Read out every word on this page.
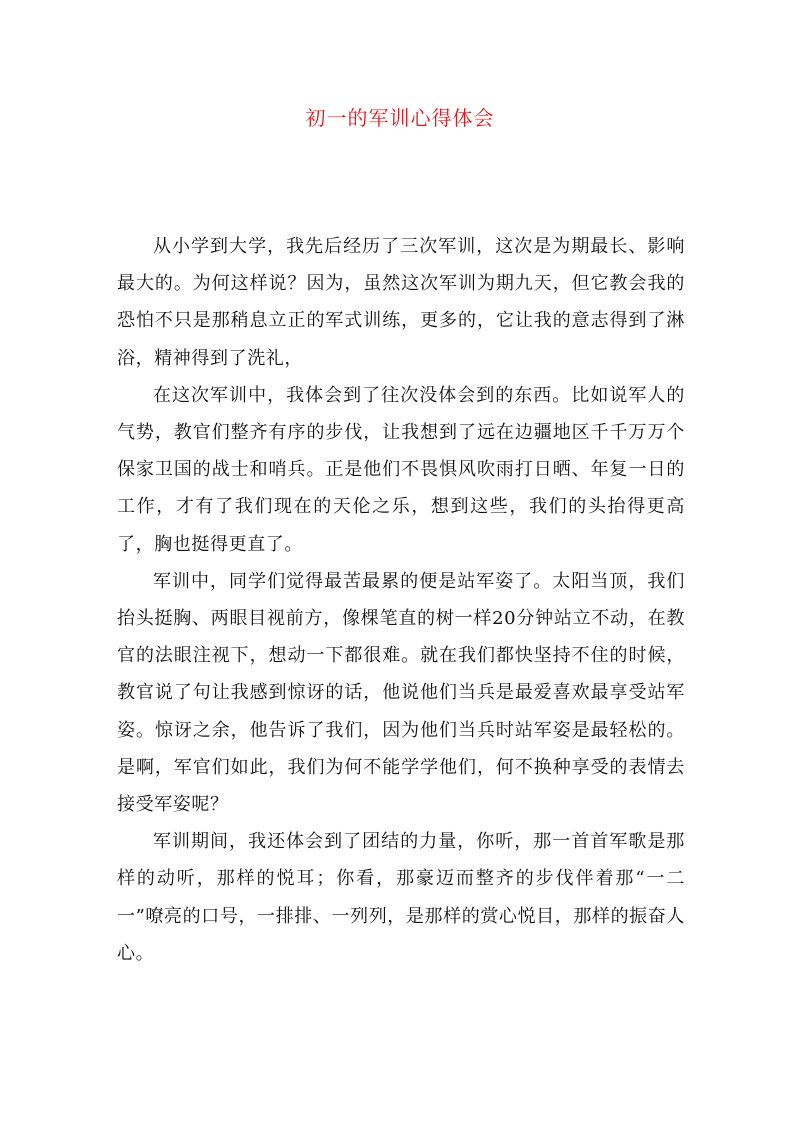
初一的军训心得体会

从小学到大学，我先后经历了三次军训，这次是为期最长、影响最大的。为何这样说？因为，虽然这次军训为期九天，但它教会我的恐怕不只是那稍息立正的军式训练，更多的，它让我的意志得到了淋浴，精神得到了洗礼，

在这次军训中，我体会到了往次没体会到的东西。比如说军人的气势，教官们整齐有序的步伐，让我想到了远在边疆地区千千万万个保家卫国的战士和哨兵。正是他们不畏惧风吹雨打日晒、年复一日的工作，才有了我们现在的天伦之乐，想到这些，我们的头抬得更高了，胸也挺得更直了。

军训中，同学们觉得最苦最累的便是站军姿了。太阳当顶，我们抬头挺胸、两眼目视前方，像棵笔直的树一样20分钟站立不动，在教官的法眼注视下，想动一下都很难。就在我们都快坚持不住的时候，教官说了句让我感到惊讶的话，他说他们当兵是最爱喜欢最享受站军姿。惊讶之余，他告诉了我们，因为他们当兵时站军姿是最轻松的。是啊，军官们如此，我们为何不能学学他们，何不换种享受的表情去接受军姿呢？

军训期间，我还体会到了团结的力量，你听，那一首首军歌是那样的动听，那样的悦耳；你看，那豪迈而整齐的步伐伴着那“一二一”嘹亮的口号，一排排、一列列，是那样的赏心悦目，那样的振奋人心。
